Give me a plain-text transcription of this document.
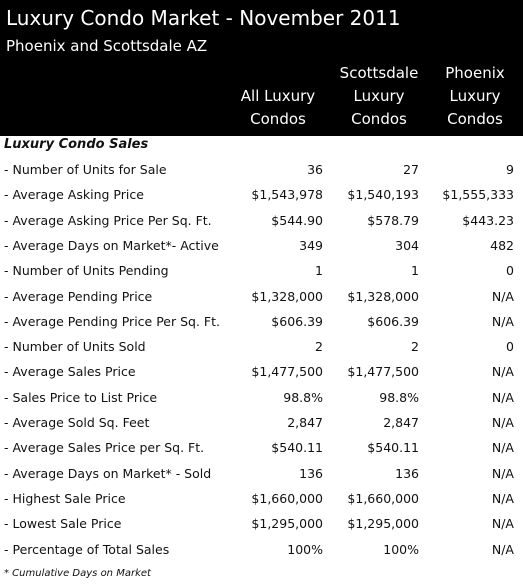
Luxury Condo Market - November 2011
Phoenix and Scottsdale AZ
All Luxury
Condos
Scottsdale
Luxury
Condos
Phoenix
Luxury
Condos
Luxury Condo Sales
- Number of Units for Sale	36	27	9
- Average Asking Price	$1,543,978 $1,540,193 $1,555,333
- Average Asking Price Per Sq. Ft.	$544.90	$578.79	$443.23
- Average Days on Market*- Active	349	304	482
- Number of Units Pending	1	1	0
- Average Pending Price	$1,328,000 $1,328,000	N/A
- Average Pending Price Per Sq. Ft.	$606.39	$606.39	N/A
- Number of Units Sold	2	2	0
- Average Sales Price	$1,477,500 $1,477,500	N/A
- Sales Price to List Price	98.8%	98.8%	N/A
- Average Sold Sq. Feet	2,847	2,847	N/A
- Average Sales Price per Sq. Ft.	$540.11	$540.11	N/A
- Average Days on Market* - Sold	136	136	N/A
- Highest Sale Price	$1,660,000 $1,660,000	N/A
- Lowest Sale Price	$1,295,000 $1,295,000	N/A
- Percentage of Total Sales	100%	100%	N/A
* Cumulative Days on Market
